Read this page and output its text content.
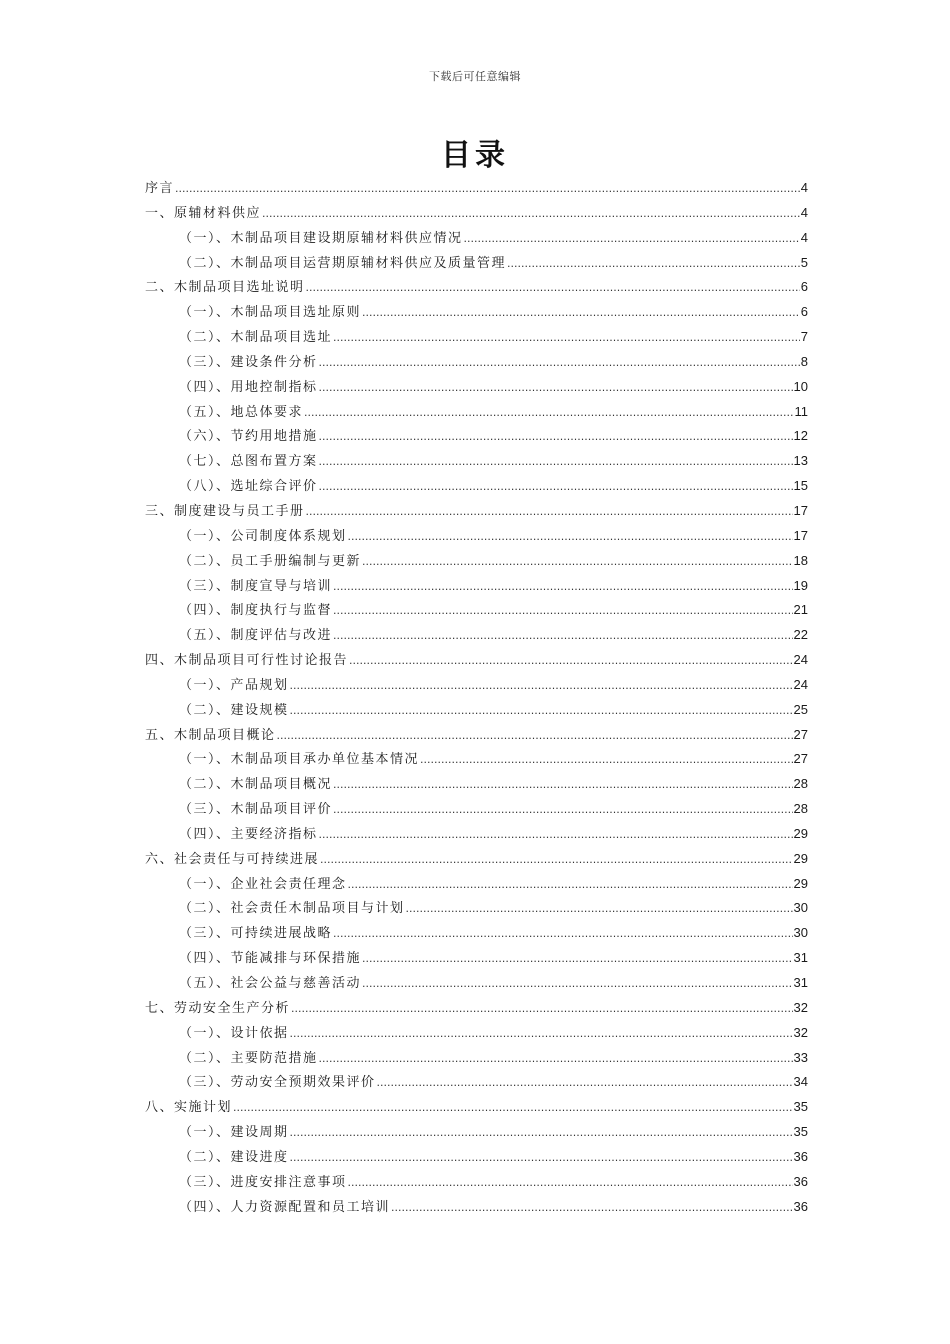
下载后可任意编辑
目录
序言 .....	4
一、原辅材料供应 .....	4
（一）、木制品项目建设期原辅材料供应情况 .....	4
（二）、木制品项目运营期原辅材料供应及质量管理 .....	5
二、木制品项目选址说明 .....	6
（一）、木制品项目选址原则 .....	6
（二）、木制品项目选址 .....	7
（三）、建设条件分析 .....	8
（四）、用地控制指标 .....	10
（五）、地总体要求 .....	11
（六）、节约用地措施 .....	12
（七）、总图布置方案 .....	13
（八）、选址综合评价 .....	15
三、制度建设与员工手册 .....	17
（一）、公司制度体系规划 .....	17
（二）、员工手册编制与更新 .....	18
（三）、制度宣导与培训 .....	19
（四）、制度执行与监督 .....	21
（五）、制度评估与改进 .....	22
四、木制品项目可行性讨论报告 .....	24
（一）、产品规划 .....	24
（二）、建设规模 .....	25
五、木制品项目概论 .....	27
（一）、木制品项目承办单位基本情况 .....	27
（二）、木制品项目概况 .....	28
（三）、木制品项目评价 .....	28
（四）、主要经济指标 .....	29
六、社会责任与可持续进展 .....	29
（一）、企业社会责任理念 .....	29
（二）、社会责任木制品项目与计划 .....	30
（三）、可持续进展战略 .....	30
（四）、节能减排与环保措施 .....	31
（五）、社会公益与慈善活动 .....	31
七、劳动安全生产分析 .....	32
（一）、设计依据 .....	32
（二）、主要防范措施 .....	33
（三）、劳动安全预期效果评价 .....	34
八、实施计划 .....	35
（一）、建设周期 .....	35
（二）、建设进度 .....	36
（三）、进度安排注意事项 .....	36
（四）、人力资源配置和员工培训 .....	36
